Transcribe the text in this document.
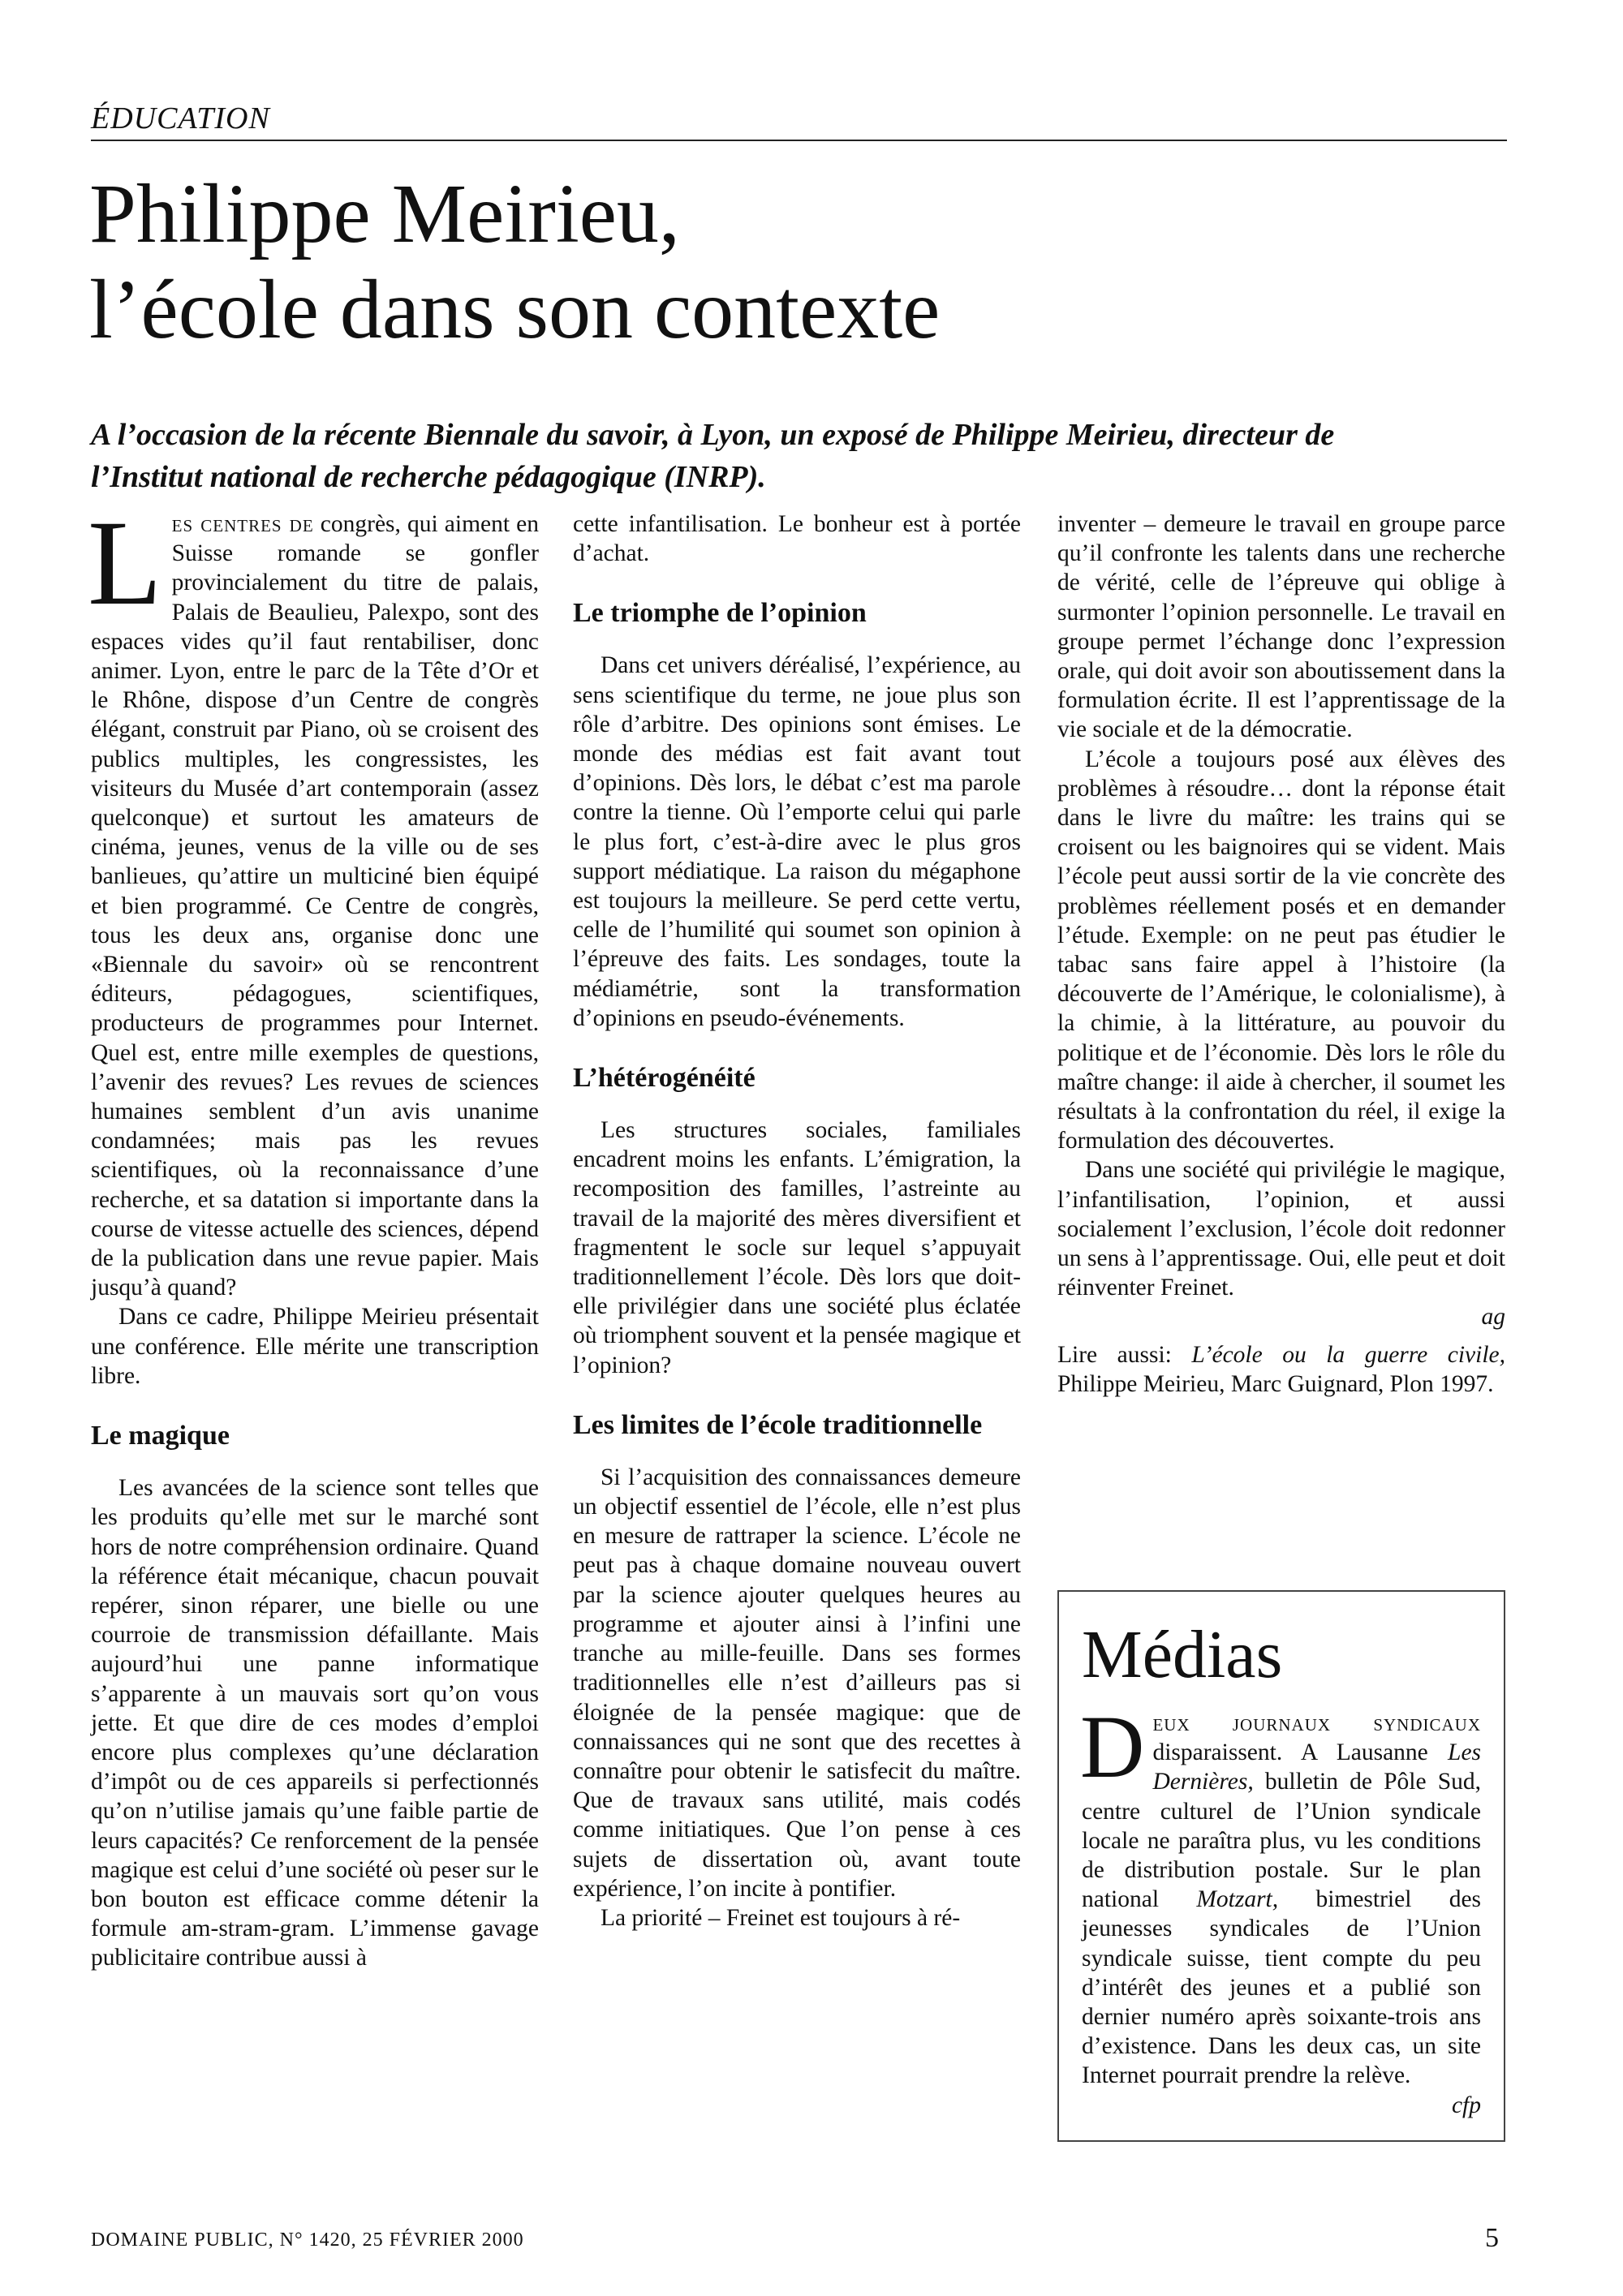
ÉDUCATION
Philippe Meirieu,
l’école dans son contexte

A l’occasion de la récente Biennale du savoir, à Lyon, un exposé de Philippe Meirieu, directeur de l’Institut national de recherche pédagogique (INRP).

Les centres de congrès, qui aiment en Suisse romande se gonfler provincialement du titre de palais, Palais de Beaulieu, Palexpo, sont des espaces vides qu’il faut rentabiliser, donc animer. Lyon, entre le parc de la Tête d’Or et le Rhône, dispose d’un Centre de congrès élégant, construit par Piano, où se croisent des publics multiples, les congressistes, les visiteurs du Musée d’art contemporain (assez quelconque) et surtout les amateurs de cinéma, jeunes, venus de la ville ou de ses banlieues, qu’attire un multiciné bien équipé et bien programmé. Ce Centre de congrès, tous les deux ans, organise donc une «Biennale du savoir» où se rencontrent éditeurs, pédagogues, scientifiques, producteurs de programmes pour Internet. Quel est, entre mille exemples de questions, l’avenir des revues? Les revues de sciences humaines semblent d’un avis unanime condamnées; mais pas les revues scientifiques, où la reconnaissance d’une recherche, et sa datation si importante dans la course de vitesse actuelle des sciences, dépend de la publication dans une revue papier. Mais jusqu’à quand?

Dans ce cadre, Philippe Meirieu présentait une conférence. Elle mérite une transcription libre.

Le magique

Les avancées de la science sont telles que les produits qu’elle met sur le marché sont hors de notre compréhension ordinaire. Quand la référence était mécanique, chacun pouvait repérer, sinon réparer, une bielle ou une courroie de transmission défaillante. Mais aujourd’hui une panne informatique s’apparente à un mauvais sort qu’on vous jette. Et que dire de ces modes d’emploi encore plus complexes qu’une déclaration d’impôt ou de ces appareils si perfectionnés qu’on n’utilise jamais qu’une faible partie de leurs capacités? Ce renforcement de la pensée magique est celui d’une société où peser sur le bon bouton est efficace comme détenir la formule am-stram-gram. L’immense gavage publicitaire contribue aussi à

cette infantilisation. Le bonheur est à portée d’achat.

Le triomphe de l’opinion

Dans cet univers déréalisé, l’expérience, au sens scientifique du terme, ne joue plus son rôle d’arbitre. Des opinions sont émises. Le monde des médias est fait avant tout d’opinions. Dès lors, le débat c’est ma parole contre la tienne. Où l’emporte celui qui parle le plus fort, c’est-à-dire avec le plus gros support médiatique. La raison du mégaphone est toujours la meilleure. Se perd cette vertu, celle de l’humilité qui soumet son opinion à l’épreuve des faits. Les sondages, toute la médiamétrie, sont la transformation d’opinions en pseudo-événements.

L’hétérogénéité

Les structures sociales, familiales encadrent moins les enfants. L’émigration, la recomposition des familles, l’astreinte au travail de la majorité des mères diversifient et fragmentent le socle sur lequel s’appuyait traditionnellement l’école. Dès lors que doit-elle privilégier dans une société plus éclatée où triomphent souvent et la pensée magique et l’opinion?

Les limites de l’école traditionnelle

Si l’acquisition des connaissances demeure un objectif essentiel de l’école, elle n’est plus en mesure de rattraper la science. L’école ne peut pas à chaque domaine nouveau ouvert par la science ajouter quelques heures au programme et ajouter ainsi à l’infini une tranche au mille-feuille. Dans ses formes traditionnelles elle n’est d’ailleurs pas si éloignée de la pensée magique: que de connaissances qui ne sont que des recettes à connaître pour obtenir le satisfecit du maître. Que de travaux sans utilité, mais codés comme initiatiques. Que l’on pense à ces sujets de dissertation où, avant toute expérience, l’on incite à pontifier.

La priorité – Freinet est toujours à ré-

inventer – demeure le travail en groupe parce qu’il confronte les talents dans une recherche de vérité, celle de l’épreuve qui oblige à surmonter l’opinion personnelle. Le travail en groupe permet l’échange donc l’expression orale, qui doit avoir son aboutissement dans la formulation écrite. Il est l’apprentissage de la vie sociale et de la démocratie.

L’école a toujours posé aux élèves des problèmes à résoudre… dont la réponse était dans le livre du maître: les trains qui se croisent ou les baignoires qui se vident. Mais l’école peut aussi sortir de la vie concrète des problèmes réellement posés et en demander l’étude. Exemple: on ne peut pas étudier le tabac sans faire appel à l’histoire (la découverte de l’Amérique, le colonialisme), à la chimie, à la littérature, au pouvoir du politique et de l’économie. Dès lors le rôle du maître change: il aide à chercher, il soumet les résultats à la confrontation du réel, il exige la formulation des découvertes.

Dans une société qui privilégie le magique, l’infantilisation, l’opinion, et aussi socialement l’exclusion, l’école doit redonner un sens à l’apprentissage. Oui, elle peut et doit réinventer Freinet.

ag

Lire aussi: L’école ou la guerre civile, Philippe Meirieu, Marc Guignard, Plon 1997.

Médias

Deux journaux syndicaux disparaissent. A Lausanne Les Dernières, bulletin de Pôle Sud, centre culturel de l’Union syndicale locale ne paraîtra plus, vu les conditions de distribution postale. Sur le plan national Motzart, bimestriel des jeunesses syndicales de l’Union syndicale suisse, tient compte du peu d’intérêt des jeunes et a publié son dernier numéro après soixante-trois ans d’existence. Dans les deux cas, un site Internet pourrait prendre la relève.

cfp
DOMAINE PUBLIC, N° 1420, 25 FÉVRIER 2000	5
